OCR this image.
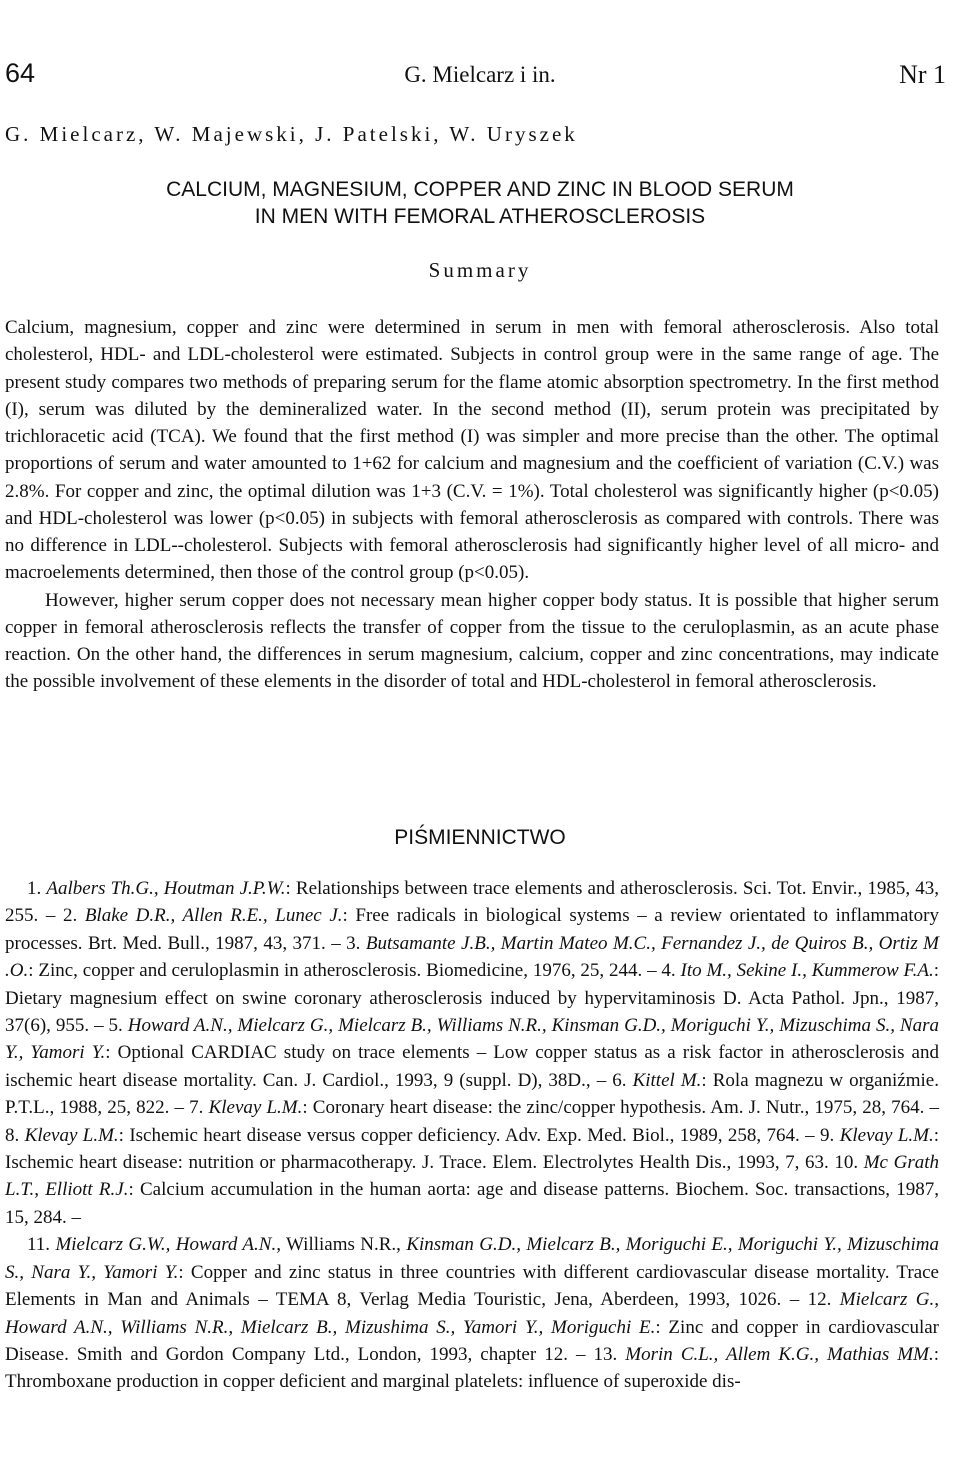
64	G. Mielcarz i in.	Nr 1
G. Mielcarz, W. Majewski, J. Patelski, W. Uryszek
CALCIUM, MAGNESIUM, COPPER AND ZINC IN BLOOD SERUM
IN MEN WITH FEMORAL ATHEROSCLEROSIS
Summary

Calcium, magnesium, copper and zinc were determined in serum in men with femoral atherosclerosis. Also total cholesterol, HDL- and LDL-cholesterol were estimated. Subjects in control group were in the same range of age. The present study compares two methods of preparing serum for the flame atomic absorption spectrometry. In the first method (I), serum was diluted by the demineralized water. In the second method (II), serum protein was precipitated by trichloracetic acid (TCA). We found that the first method (I) was simpler and more precise than the other. The optimal proportions of serum and water amounted to 1+62 for calcium and magnesium and the coefficient of variation (C.V.) was 2.8%. For copper and zinc, the optimal dilution was 1+3 (C.V. = 1%). Total cholesterol was significantly higher (p<0.05) and HDL-cholesterol was lower (p<0.05) in subjects with femoral atherosclerosis as compared with controls. There was no difference in LDL--cholesterol. Subjects with femoral atherosclerosis had significantly higher level of all micro- and macroelements determined, then those of the control group (p<0.05).

However, higher serum copper does not necessary mean higher copper body status. It is possible that higher serum copper in femoral atherosclerosis reflects the transfer of copper from the tissue to the ceruloplasmin, as an acute phase reaction. On the other hand, the differences in serum magnesium, calcium, copper and zinc concentrations, may indicate the possible involvement of these elements in the disorder of total and HDL-cholesterol in femoral atherosclerosis.

PIŚMIENNICTWO

1. Aalbers Th.G., Houtman J.P.W.: Relationships between trace elements and atherosclerosis. Sci. Tot. Envir., 1985, 43, 255. – 2. Blake D.R., Allen R.E., Lunec J.: Free radicals in biological systems – a review orientated to inflammatory processes. Brt. Med. Bull., 1987, 43, 371. – 3. Butsamante J.B., Martin Mateo M.C., Fernandez J., de Quiros B., Ortiz M .O.: Zinc, copper and ceruloplasmin in atherosclerosis. Biomedicine, 1976, 25, 244. – 4. Ito M., Sekine I., Kummerow F.A.: Dietary magnesium effect on swine coronary atherosclerosis induced by hypervitaminosis D. Acta Pathol. Jpn., 1987, 37(6), 955. – 5. Howard A.N., Mielcarz G., Mielcarz B., Williams N.R., Kinsman G.D., Moriguchi Y., Mizuschima S., Nara Y., Yamori Y.: Optional CARDIAC study on trace elements – Low copper status as a risk factor in atherosclerosis and ischemic heart disease mortality. Can. J. Cardiol., 1993, 9 (suppl. D), 38D., – 6. Kittel M.: Rola magnezu w organiźmie. P.T.L., 1988, 25, 822. – 7. Klevay L.M.: Coronary heart disease: the zinc/copper hypothesis. Am. J. Nutr., 1975, 28, 764. – 8. Klevay L.M.: Ischemic heart disease versus copper deficiency. Adv. Exp. Med. Biol., 1989, 258, 764. – 9. Klevay L.M.: Ischemic heart disease: nutrition or pharmacotherapy. J. Trace. Elem. Electrolytes Health Dis., 1993, 7, 63. 10. Mc Grath L.T., Elliott R.J.: Calcium accumulation in the human aorta: age and disease patterns. Biochem. Soc. transactions, 1987, 15, 284. –

11. Mielcarz G.W., Howard A.N., Williams N.R., Kinsman G.D., Mielcarz B., Moriguchi E., Moriguchi Y., Mizuschima S., Nara Y., Yamori Y.: Copper and zinc status in three countries with different cardiovascular disease mortality. Trace Elements in Man and Animals – TEMA 8, Verlag Media Touristic, Jena, Aberdeen, 1993, 1026. – 12. Mielcarz G., Howard A.N., Williams N.R., Mielcarz B., Mizushima S., Yamori Y., Moriguchi E.: Zinc and copper in cardiovascular Disease. Smith and Gordon Company Ltd., London, 1993, chapter 12. – 13. Morin C.L., Allem K.G., Mathias MM.: Thromboxane production in copper deficient and marginal platelets: influence of superoxide dis-
